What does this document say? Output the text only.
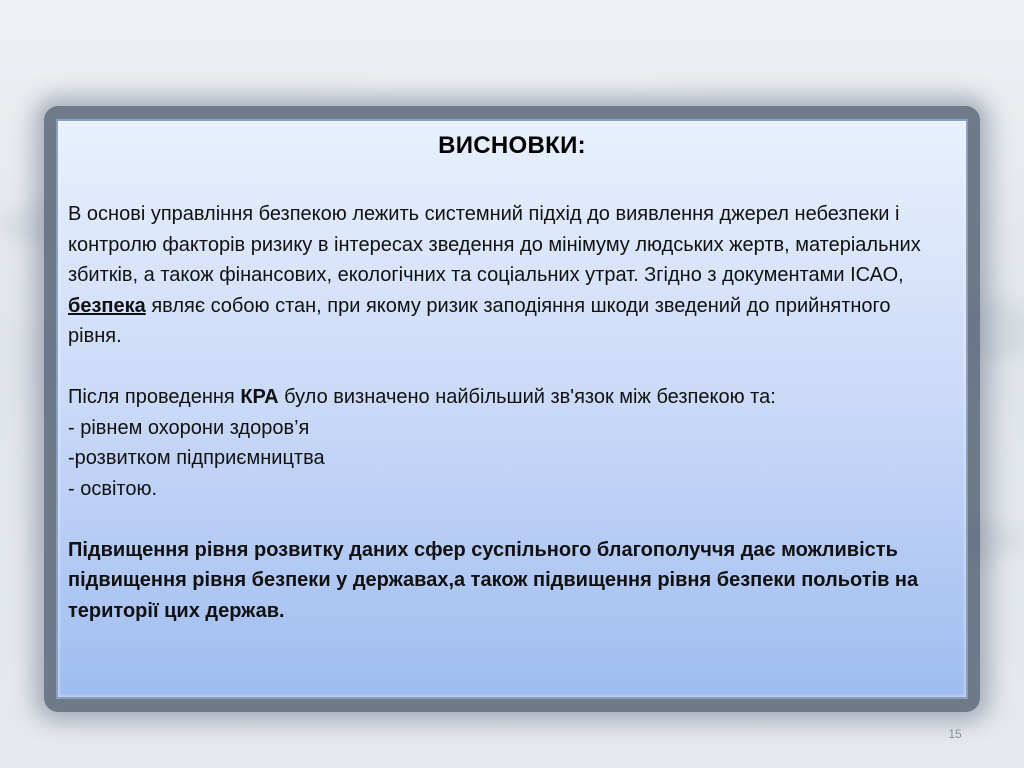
ВИСНОВКИ:

В основі управління безпекою лежить системний підхід до виявлення джерел небезпеки і контролю факторів ризику в інтересах зведення до мінімуму людських жертв, матеріальних збитків, а також фінансових, екологічних та соціальних утрат. Згідно з документами ІСАО, безпека являє собою стан, при якому ризик заподіяння шкоди зведений до прийнятного рівня.

Після проведення КРА було визначено найбільший зв'язок між безпекою та:

- рівнем охорони здоров’я

-розвитком підприємництва

- освітою.

Підвищення рівня розвитку даних сфер суспільного благополуччя дає можливість підвищення рівня безпеки у державах,а також підвищення рівня безпеки польотів на території цих держав.

15
